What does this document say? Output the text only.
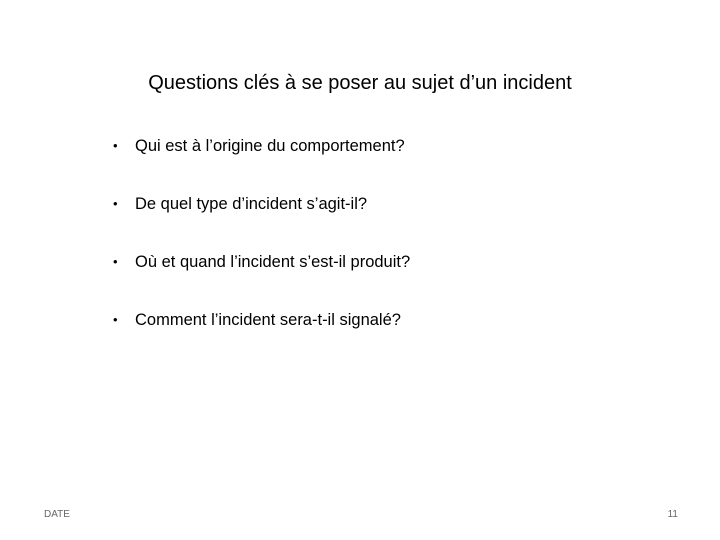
Questions clés à se poser au sujet d’un incident
•	Qui est à l’origine du comportement?
•	De quel type d’incident s’agit-il?
•	Où et quand l’incident s’est-il produit?
•	Comment l’incident sera-t-il signalé?
DATE	11
